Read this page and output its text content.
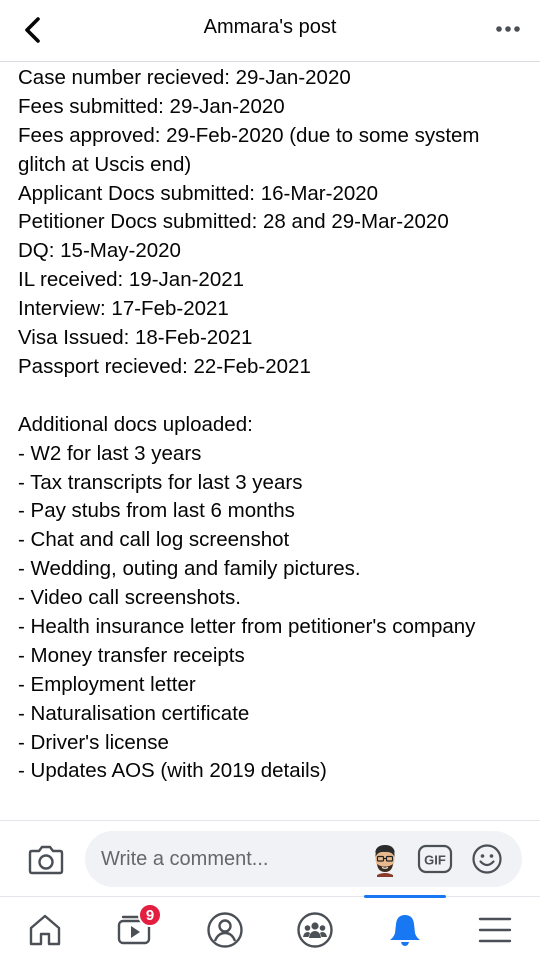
Ammara's post
Case number recieved: 29-Jan-2020
Fees submitted: 29-Jan-2020
Fees approved: 29-Feb-2020 (due to some system glitch at Uscis end)
Applicant Docs submitted: 16-Mar-2020
Petitioner Docs submitted: 28 and 29-Mar-2020
DQ: 15-May-2020
IL received: 19-Jan-2021
Interview: 17-Feb-2021
Visa Issued: 18-Feb-2021
Passport recieved: 22-Feb-2021
Additional docs uploaded:
- W2 for last 3 years
- Tax transcripts for last 3 years
- Pay stubs from last 6 months
- Chat and call log screenshot
- Wedding, outing and family pictures.
- Video call screenshots.
- Health insurance letter from petitioner's company
- Money transfer receipts
- Employment letter
- Naturalisation certificate
- Driver's license
- Updates AOS (with 2019 details)
Write a comment...
GIF
9
